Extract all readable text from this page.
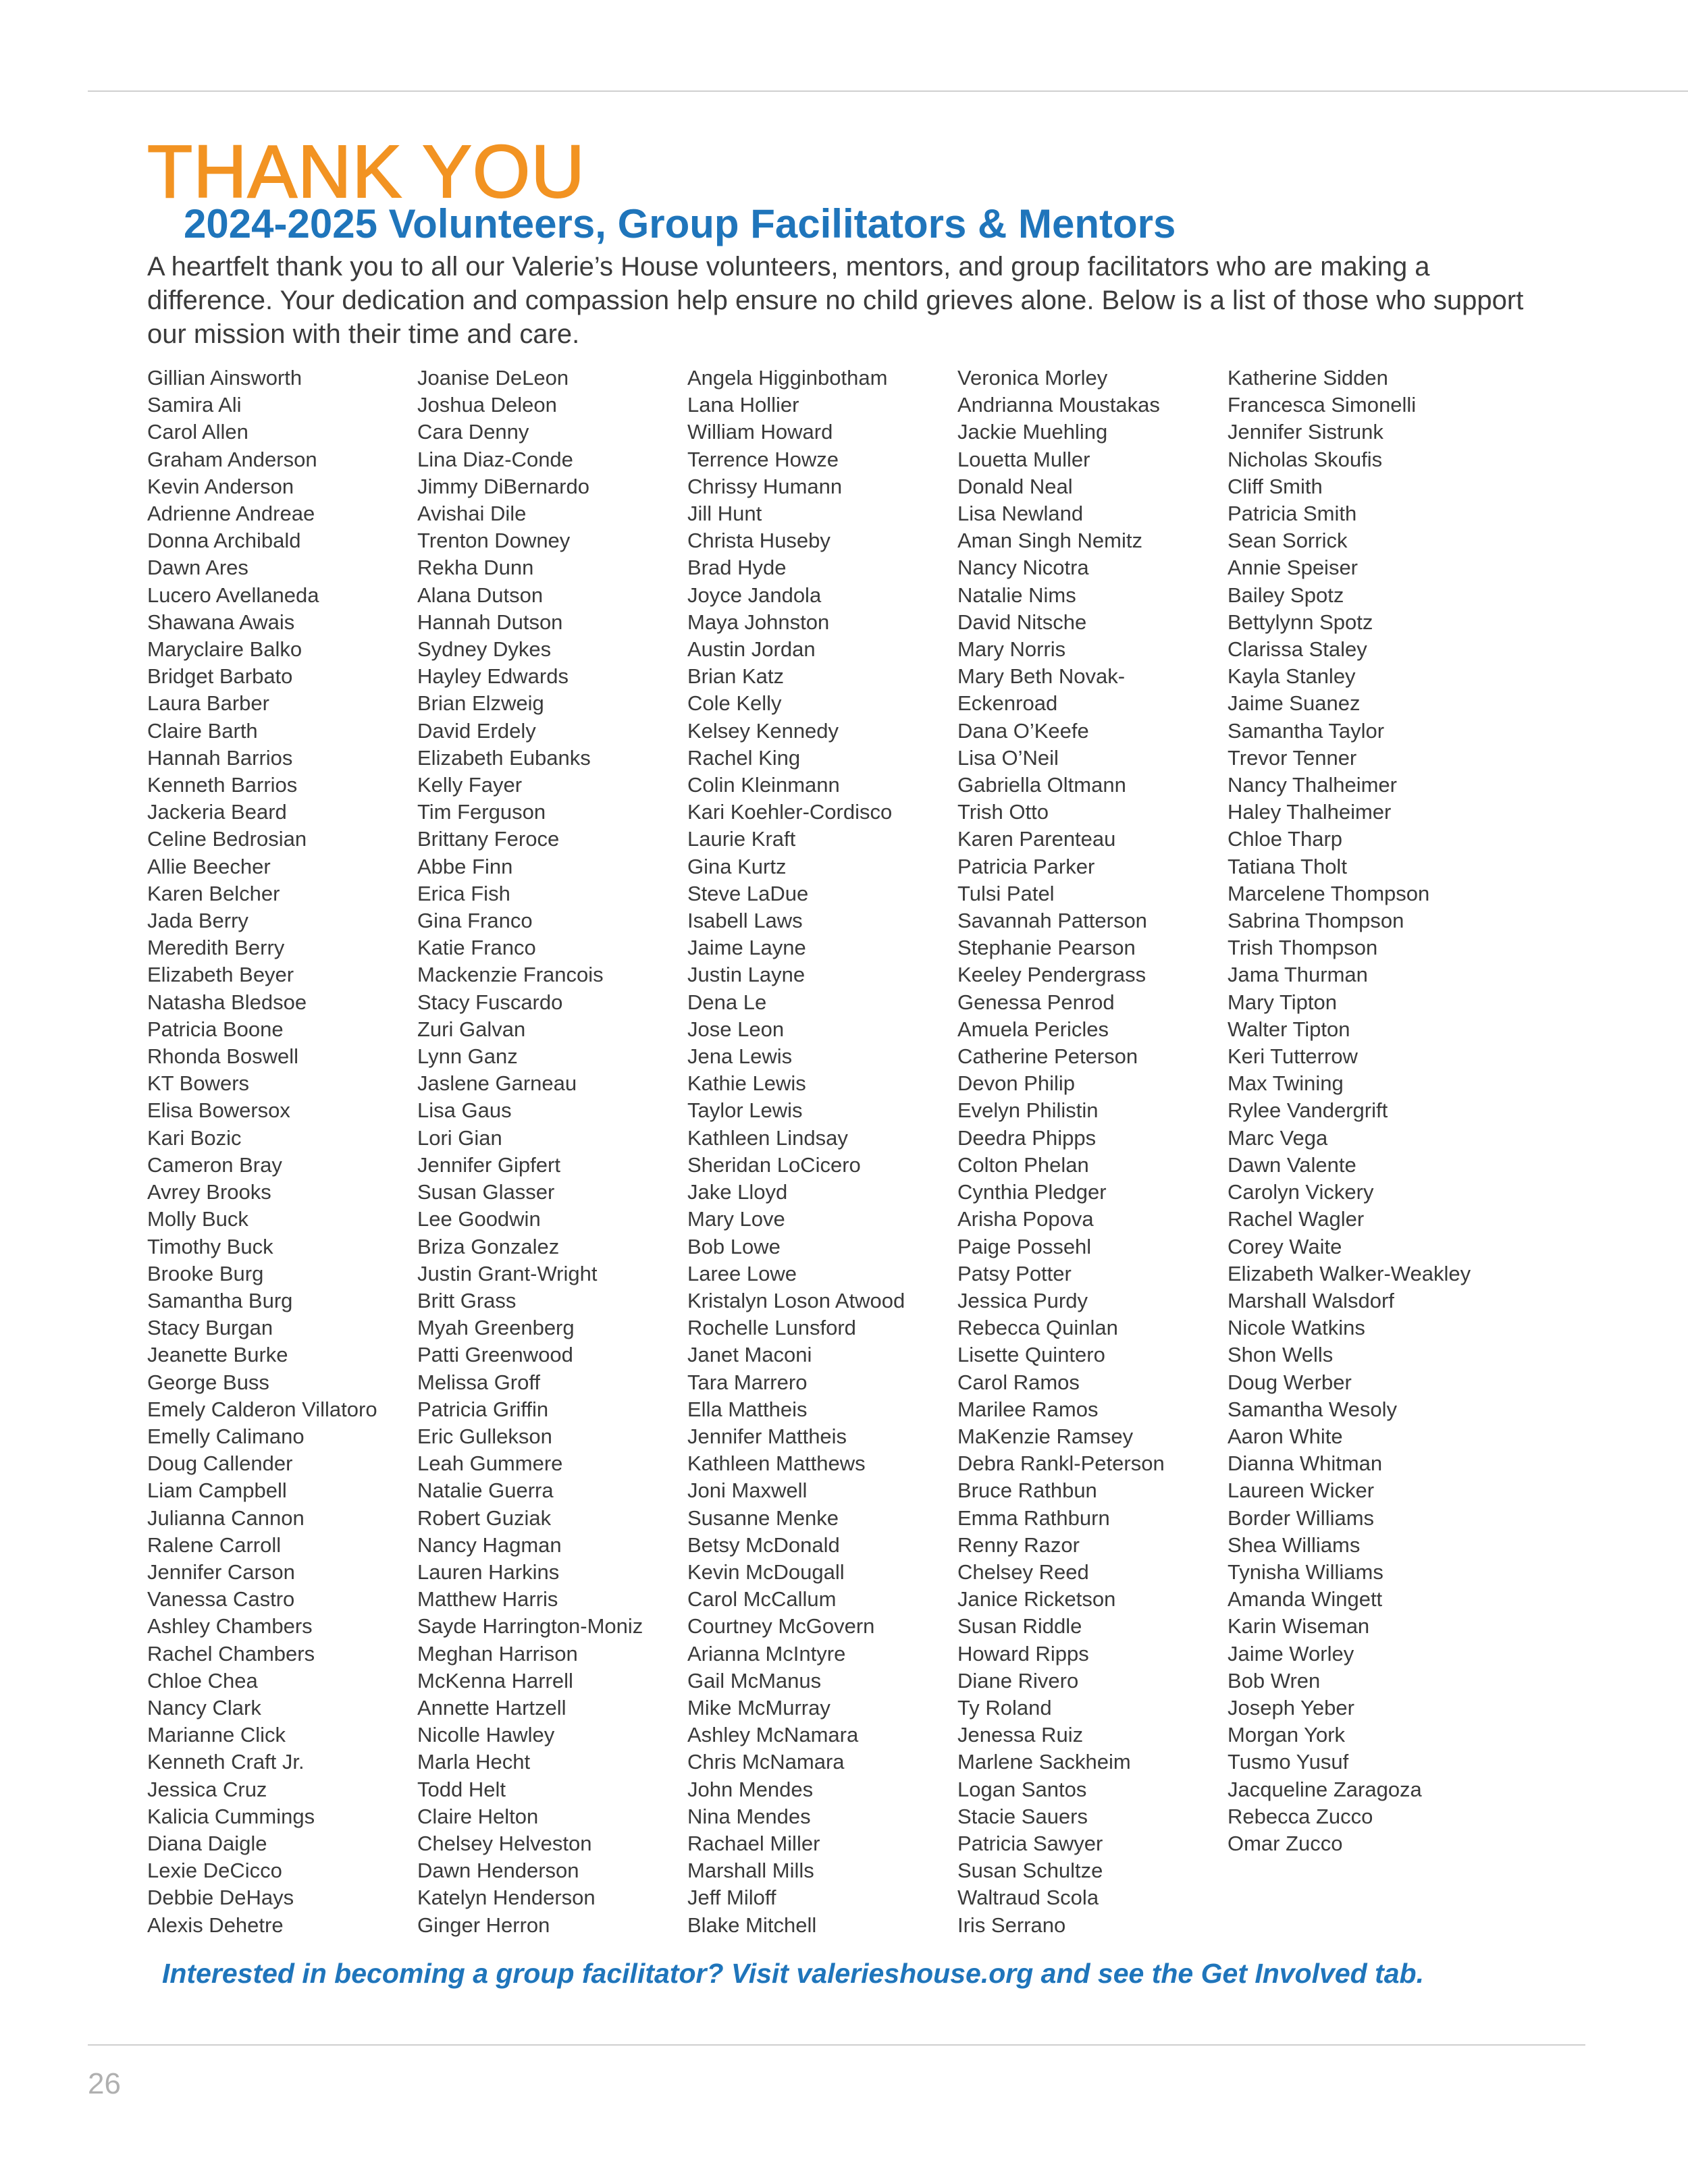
THANK YOU
2024-2025 Volunteers, Group Facilitators & Mentors

A heartfelt thank you to all our Valerie’s House volunteers, mentors, and group facilitators who are making a difference. Your dedication and compassion help ensure no child grieves alone. Below is a list of those who support our mission with their time and care.

Gillian Ainsworth
Samira Ali
Carol Allen
Graham Anderson
Kevin Anderson
Adrienne Andreae
Donna Archibald
Dawn Ares
Lucero Avellaneda
Shawana Awais
Maryclaire Balko
Bridget Barbato
Laura Barber
Claire Barth
Hannah Barrios
Kenneth Barrios
Jackeria Beard
Celine Bedrosian
Allie Beecher
Karen Belcher
Jada Berry
Meredith Berry
Elizabeth Beyer
Natasha Bledsoe
Patricia Boone
Rhonda Boswell
KT Bowers
Elisa Bowersox
Kari Bozic
Cameron Bray
Avrey Brooks
Molly Buck
Timothy Buck
Brooke Burg
Samantha Burg
Stacy Burgan
Jeanette Burke
George Buss
Emely Calderon Villatoro
Emelly Calimano
Doug Callender
Liam Campbell
Julianna Cannon
Ralene Carroll
Jennifer Carson
Vanessa Castro
Ashley Chambers
Rachel Chambers
Chloe Chea
Nancy Clark
Marianne Click
Kenneth Craft Jr.
Jessica Cruz
Kalicia Cummings
Diana Daigle
Lexie DeCicco
Debbie DeHays
Alexis Dehetre
Joanise DeLeon
Joshua Deleon
Cara Denny
Lina Diaz-Conde
Jimmy DiBernardo
Avishai Dile
Trenton Downey
Rekha Dunn
Alana Dutson
Hannah Dutson
Sydney Dykes
Hayley Edwards
Brian Elzweig
David Erdely
Elizabeth Eubanks
Kelly Fayer
Tim Ferguson
Brittany Feroce
Abbe Finn
Erica Fish
Gina Franco
Katie Franco
Mackenzie Francois
Stacy Fuscardo
Zuri Galvan
Lynn Ganz
Jaslene Garneau
Lisa Gaus
Lori Gian
Jennifer Gipfert
Susan Glasser
Lee Goodwin
Briza Gonzalez
Justin Grant-Wright
Britt Grass
Myah Greenberg
Patti Greenwood
Melissa Groff
Patricia Griffin
Eric Gullekson
Leah Gummere
Natalie Guerra
Robert Guziak
Nancy Hagman
Lauren Harkins
Matthew Harris
Sayde Harrington-Moniz
Meghan Harrison
McKenna Harrell
Annette Hartzell
Nicolle Hawley
Marla Hecht
Todd Helt
Claire Helton
Chelsey Helveston
Dawn Henderson
Katelyn Henderson
Ginger Herron
Angela Higginbotham
Lana Hollier
William Howard
Terrence Howze
Chrissy Humann
Jill Hunt
Christa Huseby
Brad Hyde
Joyce Jandola
Maya Johnston
Austin Jordan
Brian Katz
Cole Kelly
Kelsey Kennedy
Rachel King
Colin Kleinmann
Kari Koehler-Cordisco
Laurie Kraft
Gina Kurtz
Steve LaDue
Isabell Laws
Jaime Layne
Justin Layne
Dena Le
Jose Leon
Jena Lewis
Kathie Lewis
Taylor Lewis
Kathleen Lindsay
Sheridan LoCicero
Jake Lloyd
Mary Love
Bob Lowe
Laree Lowe
Kristalyn Loson Atwood
Rochelle Lunsford
Janet Maconi
Tara Marrero
Ella Mattheis
Jennifer Mattheis
Kathleen Matthews
Joni Maxwell
Susanne Menke
Betsy McDonald
Kevin McDougall
Carol McCallum
Courtney McGovern
Arianna McIntyre
Gail McManus
Mike McMurray
Ashley McNamara
Chris McNamara
John Mendes
Nina Mendes
Rachael Miller
Marshall Mills
Jeff Miloff
Blake Mitchell
Veronica Morley
Andrianna Moustakas
Jackie Muehling
Louetta Muller
Donald Neal
Lisa Newland
Aman Singh Nemitz
Nancy Nicotra
Natalie Nims
David Nitsche
Mary Norris
Mary Beth Novak-
Eckenroad
Dana O’Keefe
Lisa O’Neil
Gabriella Oltmann
Trish Otto
Karen Parenteau
Patricia Parker
Tulsi Patel
Savannah Patterson
Stephanie Pearson
Keeley Pendergrass
Genessa Penrod
Amuela Pericles
Catherine Peterson
Devon Philip
Evelyn Philistin
Deedra Phipps
Colton Phelan
Cynthia Pledger
Arisha Popova
Paige Possehl
Patsy Potter
Jessica Purdy
Rebecca Quinlan
Lisette Quintero
Carol Ramos
Marilee Ramos
MaKenzie Ramsey
Debra Rankl-Peterson
Bruce Rathbun
Emma Rathburn
Renny Razor
Chelsey Reed
Janice Ricketson
Susan Riddle
Howard Ripps
Diane Rivero
Ty Roland
Jenessa Ruiz
Marlene Sackheim
Logan Santos
Stacie Sauers
Patricia Sawyer
Susan Schultze
Waltraud Scola
Iris Serrano
Katherine Sidden
Francesca Simonelli
Jennifer Sistrunk
Nicholas Skoufis
Cliff Smith
Patricia Smith
Sean Sorrick
Annie Speiser
Bailey Spotz
Bettylynn Spotz
Clarissa Staley
Kayla Stanley
Jaime Suanez
Samantha Taylor
Trevor Tenner
Nancy Thalheimer
Haley Thalheimer
Chloe Tharp
Tatiana Tholt
Marcelene Thompson
Sabrina Thompson
Trish Thompson
Jama Thurman
Mary Tipton
Walter Tipton
Keri Tutterrow
Max Twining
Rylee Vandergrift
Marc Vega
Dawn Valente
Carolyn Vickery
Rachel Wagler
Corey Waite
Elizabeth Walker-Weakley
Marshall Walsdorf
Nicole Watkins
Shon Wells
Doug Werber
Samantha Wesoly
Aaron White
Dianna Whitman
Laureen Wicker
Border Williams
Shea Williams
Tynisha Williams
Amanda Wingett
Karin Wiseman
Jaime Worley
Bob Wren
Joseph Yeber
Morgan York
Tusmo Yusuf
Jacqueline Zaragoza
Rebecca Zucco
Omar Zucco
Interested in becoming a group facilitator? Visit valerieshouse.org and see the Get Involved tab.
26
